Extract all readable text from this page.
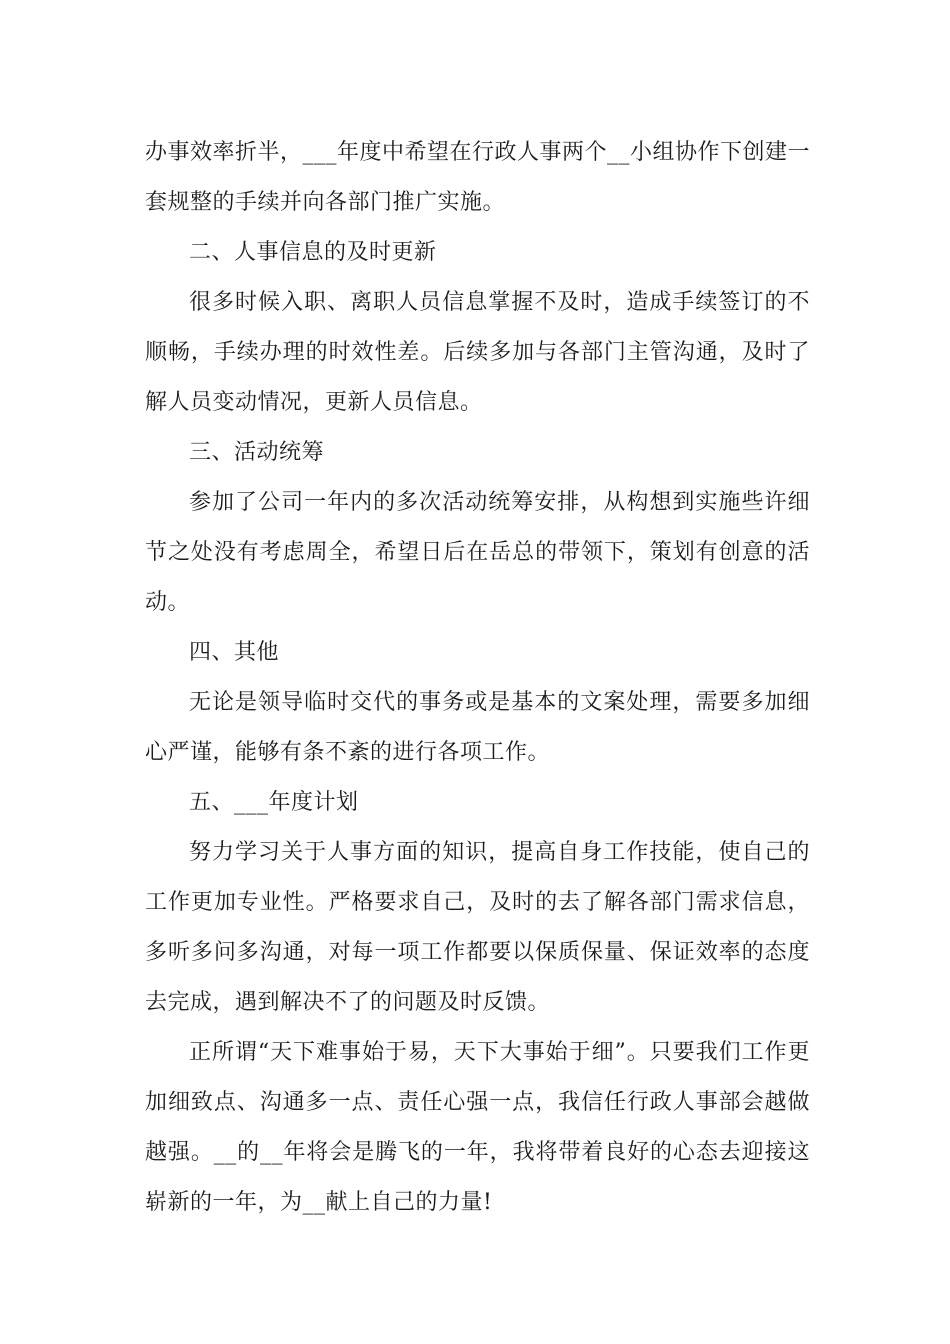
办事效率折半，___年度中希望在行政人事两个__小组协作下创建一套规整的手续并向各部门推广实施。

二、人事信息的及时更新

很多时候入职、离职人员信息掌握不及时，造成手续签订的不顺畅，手续办理的时效性差。后续多加与各部门主管沟通，及时了解人员变动情况，更新人员信息。

三、活动统筹

参加了公司一年内的多次活动统筹安排，从构想到实施些许细节之处没有考虑周全，希望日后在岳总的带领下，策划有创意的活动。

四、其他

无论是领导临时交代的事务或是基本的文案处理，需要多加细心严谨，能够有条不紊的进行各项工作。

五、___年度计划

努力学习关于人事方面的知识，提高自身工作技能，使自己的工作更加专业性。严格要求自己，及时的去了解各部门需求信息，多听多问多沟通，对每一项工作都要以保质保量、保证效率的态度去完成，遇到解决不了的问题及时反馈。

正所谓“天下难事始于易，天下大事始于细”。只要我们工作更加细致点、沟通多一点、责任心强一点，我信任行政人事部会越做越强。__的__年将会是腾飞的一年，我将带着良好的心态去迎接这崭新的一年，为__献上自己的力量!
